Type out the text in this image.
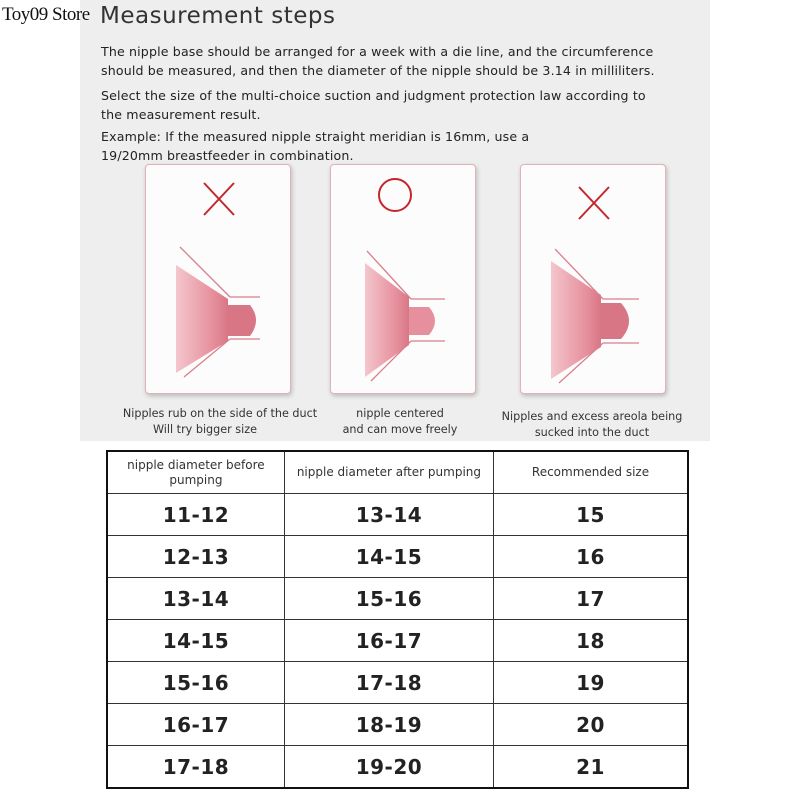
Measurement steps
Toy09 Store

The nipple base should be arranged for a week with a die line, and the circumference
should be measured, and then the diameter of the nipple should be 3.14 in milliliters.

Select the size of the multi-choice suction and judgment protection law according to
the measurement result.

Example: If the measured nipple straight meridian is 16mm, use a
19/20mm breastfeeder in combination.

Nipples rub on the side of the duct
Will try bigger size
nipple centered
and can move freely
Nipples and excess areola being
sucked into the duct
nipple diameter before pumping	nipple diameter after pumping	Recommended size
11-12	13-14	15
12-13	14-15	16
13-14	15-16	17
14-15	16-17	18
15-16	17-18	19
16-17	18-19	20
17-18	19-20	21
